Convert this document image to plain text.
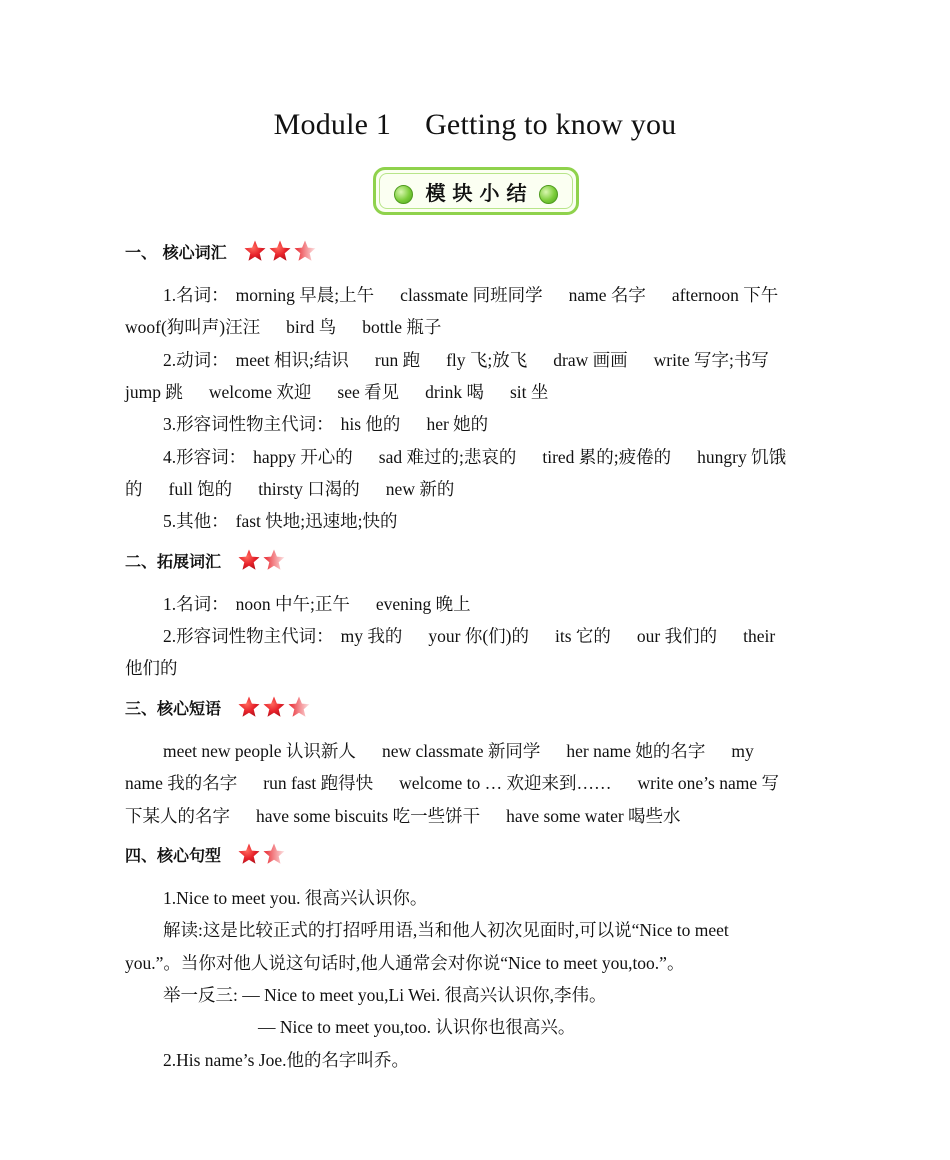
Module 1 Getting to know you
模块小结
一、 核心词汇

1.名词： morning 早晨;上午 classmate 同班同学 name 名字 afternoon 下午

woof(狗叫声)汪汪 bird 鸟 bottle 瓶子

2.动词： meet 相识;结识 run 跑 fly 飞;放飞 draw 画画 write 写字;书写

jump 跳 welcome 欢迎 see 看见 drink 喝 sit 坐

3.形容词性物主代词： his 他的 her 她的

4.形容词： happy 开心的 sad 难过的;悲哀的 tired 累的;疲倦的 hungry 饥饿

的 full 饱的 thirsty 口渴的 new 新的

5.其他： fast 快地;迅速地;快的

二、拓展词汇

1.名词： noon 中午;正午 evening 晚上

2.形容词性物主代词： my 我的 your 你(们)的 its 它的 our 我们的 their

他们的

三、核心短语

meet new people 认识新人 new classmate 新同学 her name 她的名字 my

name 我的名字 run fast 跑得快 welcome to … 欢迎来到…… write one’s name 写

下某人的名字 have some biscuits 吃一些饼干 have some water 喝些水

四、核心句型

1.Nice to meet you. 很高兴认识你。

解读:这是比较正式的打招呼用语,当和他人初次见面时,可以说“Nice to meet

you.”。当你对他人说这句话时,他人通常会对你说“Nice to meet you,too.”。

举一反三: — Nice to meet you,Li Wei. 很高兴认识你,李伟。

— Nice to meet you,too. 认识你也很高兴。

2.His name’s Joe.他的名字叫乔。
